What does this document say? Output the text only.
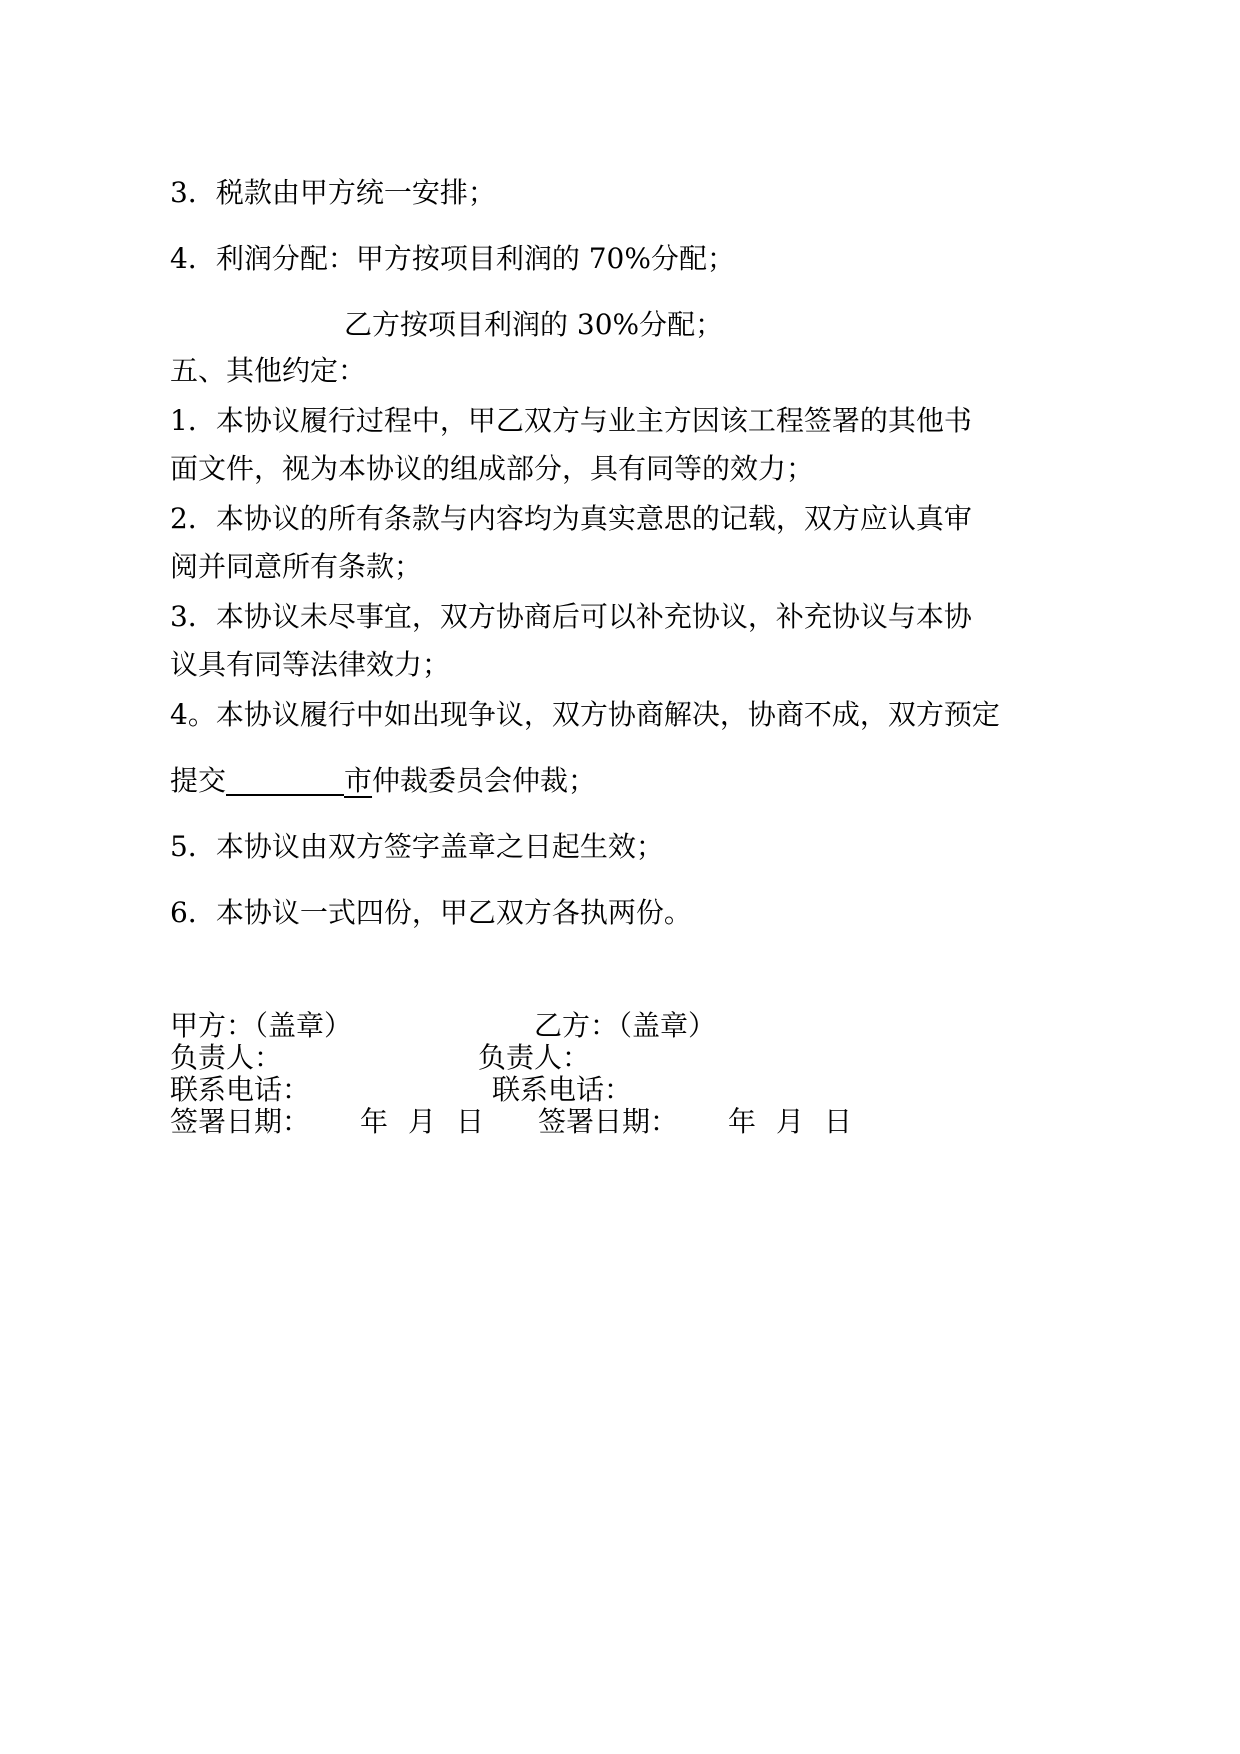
3．税款由甲方统一安排；
4．利润分配：甲方按项目利润的 70%分配；
乙方按项目利润的 30%分配；
五、其他约定：
1．本协议履行过程中，甲乙双方与业主方因该工程签署的其他书
面文件，视为本协议的组成部分，具有同等的效力；
2．本协议的所有条款与内容均为真实意思的记载，双方应认真审
阅并同意所有条款；
3．本协议未尽事宜，双方协商后可以补充协议，补充协议与本协
议具有同等法律效力；
4。本协议履行中如出现争议，双方协商解决，协商不成，双方预定
提交	市仲裁委员会仲裁；
5．本协议由双方签字盖章之日起生效；
6．本协议一式四份，甲乙双方各执两份。
甲方：（盖章）	乙方：（盖章）
负责人：	负责人：
联系电话：	联系电话：
签署日期： 年 月 日 签署日期： 年 月 日
